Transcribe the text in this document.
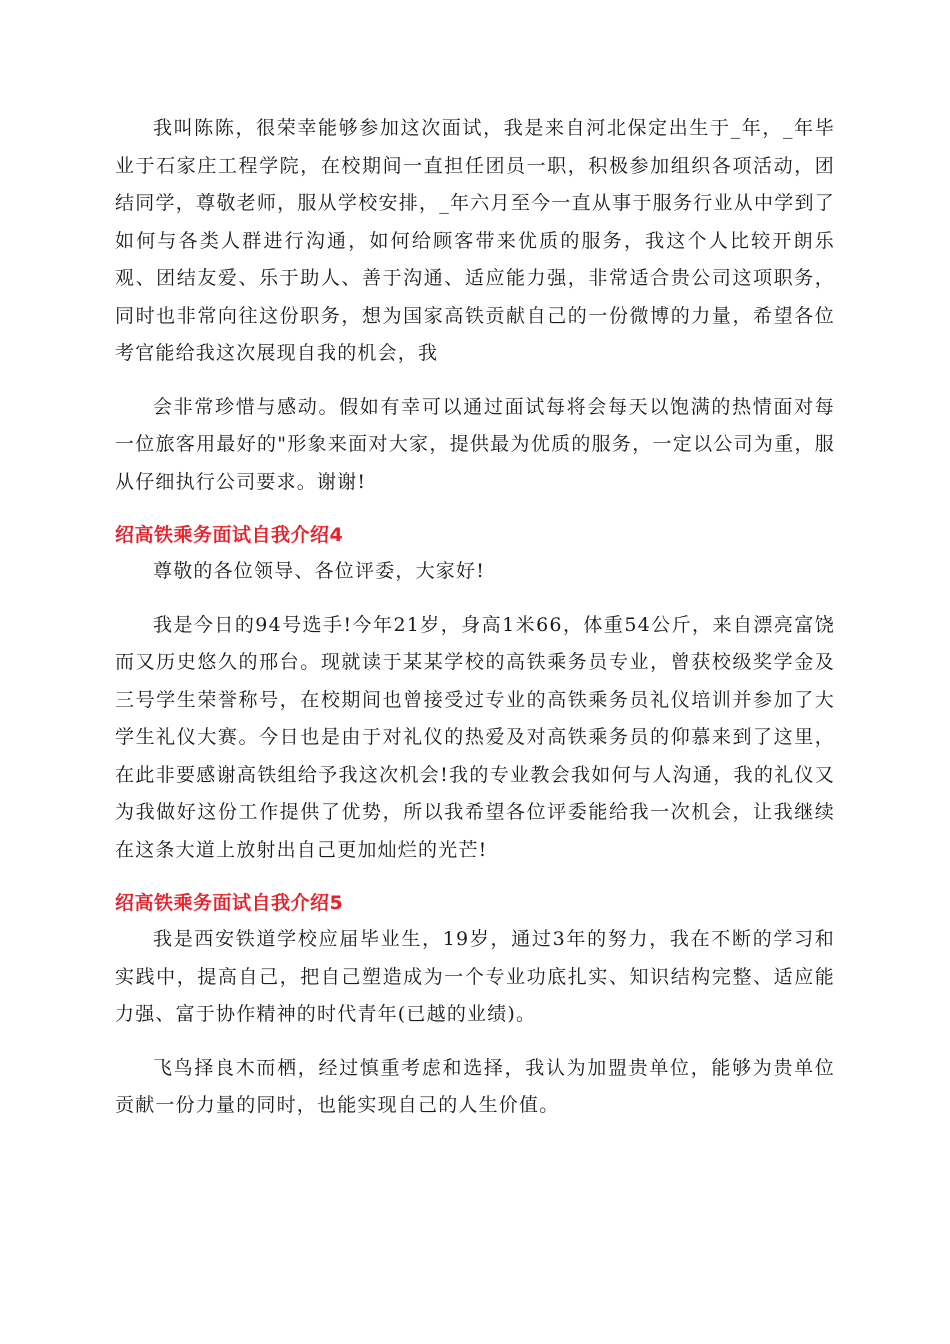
我叫陈陈，很荣幸能够参加这次面试，我是来自河北保定出生于_年，_年毕业于石家庄工程学院，在校期间一直担任团员一职，积极参加组织各项活动，团结同学，尊敬老师，服从学校安排，_年六月至今一直从事于服务行业从中学到了如何与各类人群进行沟通，如何给顾客带来优质的服务，我这个人比较开朗乐观、团结友爱、乐于助人、善于沟通、适应能力强，非常适合贵公司这项职务，同时也非常向往这份职务，想为国家高铁贡献自己的一份微博的力量，希望各位考官能给我这次展现自我的机会，我

会非常珍惜与感动。假如有幸可以通过面试每将会每天以饱满的热情面对每一位旅客用最好的"形象来面对大家，提供最为优质的服务，一定以公司为重，服从仔细执行公司要求。谢谢!

绍高铁乘务面试自我介绍4

尊敬的各位领导、各位评委，大家好!

我是今日的94号选手!今年21岁，身高1米66，体重54公斤，来自漂亮富饶而又历史悠久的邢台。现就读于某某学校的高铁乘务员专业，曾获校级奖学金及三号学生荣誉称号，在校期间也曾接受过专业的高铁乘务员礼仪培训并参加了大学生礼仪大赛。今日也是由于对礼仪的热爱及对高铁乘务员的仰慕来到了这里，在此非要感谢高铁组给予我这次机会!我的专业教会我如何与人沟通，我的礼仪又为我做好这份工作提供了优势，所以我希望各位评委能给我一次机会，让我继续在这条大道上放射出自己更加灿烂的光芒!

绍高铁乘务面试自我介绍5

我是西安铁道学校应届毕业生，19岁，通过3年的努力，我在不断的学习和实践中，提高自己，把自己塑造成为一个专业功底扎实、知识结构完整、适应能力强、富于协作精神的时代青年(已越的业绩)。

飞鸟择良木而栖，经过慎重考虑和选择，我认为加盟贵单位，能够为贵单位贡献一份力量的同时，也能实现自己的人生价值。
